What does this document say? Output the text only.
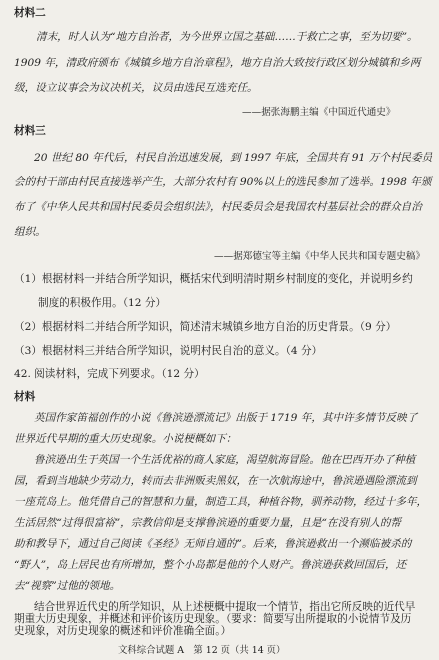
材料二
清末，时人认为“地方自治者，为今世界立国之基础……于救亡之事，至为切要”。
1909 年，清政府颁布《城镇乡地方自治章程》，地方自治大致按行政区划分城镇和乡两
级，设立议事会为议决机关，议员由选民互选充任。
——据张海鹏主编《中国近代通史》
材料三
20 世纪 80 年代后，村民自治迅速发展，到 1997 年底，全国共有 91 万个村民委员
会的村干部由村民直接选举产生，大部分农村有 90%以上的选民参加了选举。1998 年颁
布了《中华人民共和国村民委员会组织法》，村民委员会是我国农村基层社会的群众自治
组织。
——据郑德宝等主编《中华人民共和国专题史稿》
（1）根据材料一并结合所学知识，概括宋代到明清时期乡村制度的变化，并说明乡约
制度的积极作用。（12 分）
（2）根据材料二并结合所学知识，简述清末城镇乡地方自治的历史背景。（9 分）
（3）根据材料三并结合所学知识，说明村民自治的意义。（4 分）
42. 阅读材料，完成下列要求。（12 分）
材料
英国作家笛福创作的小说《鲁滨逊漂流记》出版于 1719 年，其中许多情节反映了
世界近代早期的重大历史现象。小说梗概如下：
鲁滨逊出生于英国一个生活优裕的商人家庭，渴望航海冒险。他在巴西开办了种植
园，看到当地缺少劳动力，转而去非洲贩卖黑奴，在一次航海途中，鲁滨逊遇险漂流到
一座荒岛上。他凭借自己的智慧和力量，制造工具，种植谷物，驯养动物，经过十多年，
生活居然“过得很富裕”，宗教信仰是支撑鲁滨逊的重要力量，且是“在没有别人的帮
助和教导下，通过自己阅读《圣经》无师自通的”。后来，鲁滨逊救出一个濒临被杀的
“野人”，岛上居民也有所增加，整个小岛都是他的个人财产。鲁滨逊获救回国后，还
去“视察”过他的领地。
结合世界近代史的所学知识，从上述梗概中提取一个情节，指出它所反映的近代早
期重大历史现象，并概述和评价该历史现象。（要求：简要写出所提取的小说情节及历
史现象，对历史现象的概述和评价准确全面。）
文科综合试题 A　第 12 页（共 14 页）
